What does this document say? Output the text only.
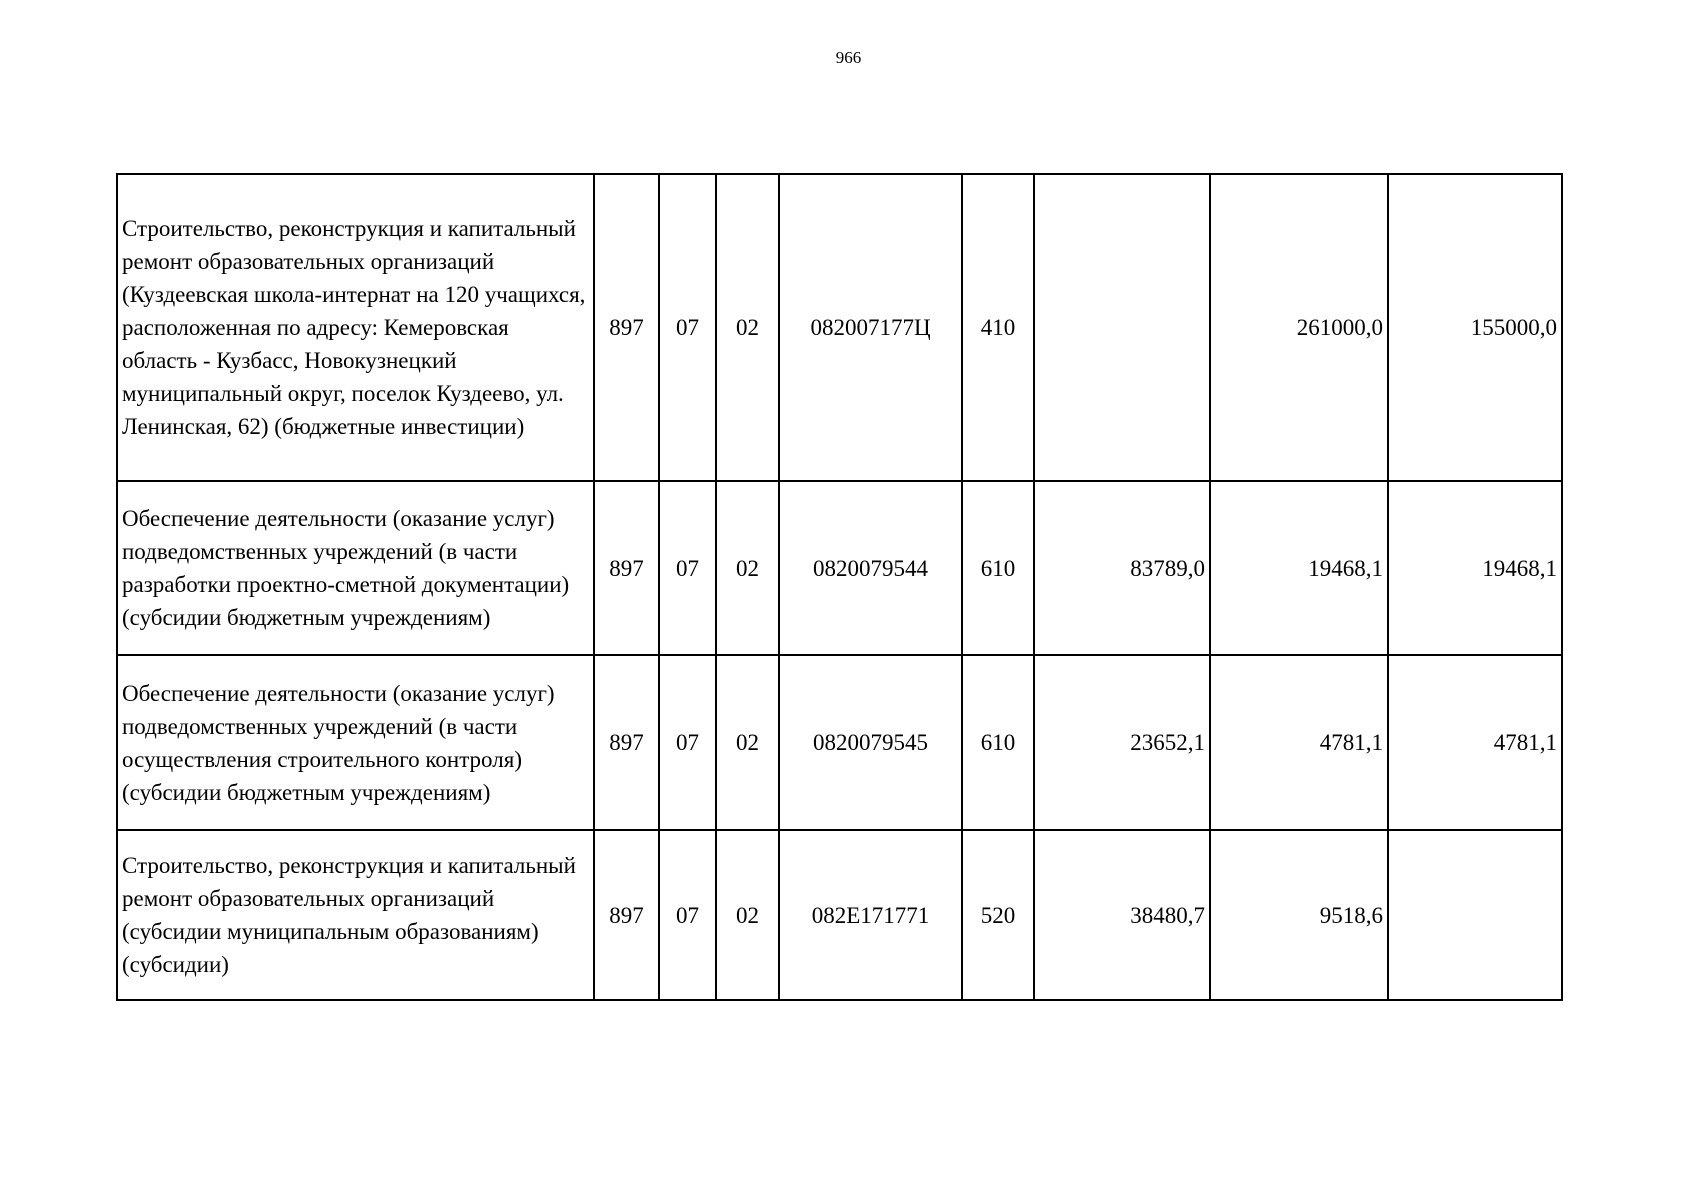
966
Строительство, реконструкция и капитальный ремонт образовательных организаций (Куздеевская школа-интернат на 120 учащихся, расположенная по адресу: Кемеровская область - Кузбасс, Новокузнецкий муниципальный округ, поселок Куздеево, ул. Ленинская, 62) (бюджетные инвестиции)	897	07	02	082007177Ц	410		261000,0	155000,0
Обеспечение деятельности (оказание услуг) подведомственных учреждений (в части разработки проектно-сметной документации) (субсидии бюджетным учреждениям)	897	07	02	0820079544	610	83789,0	19468,1	19468,1
Обеспечение деятельности (оказание услуг) подведомственных учреждений (в части осуществления строительного контроля) (субсидии бюджетным учреждениям)	897	07	02	0820079545	610	23652,1	4781,1	4781,1
Строительство, реконструкция и капитальный ремонт образовательных организаций (субсидии муниципальным образованиям) (субсидии)	897	07	02	082E171771	520	38480,7	9518,6	
